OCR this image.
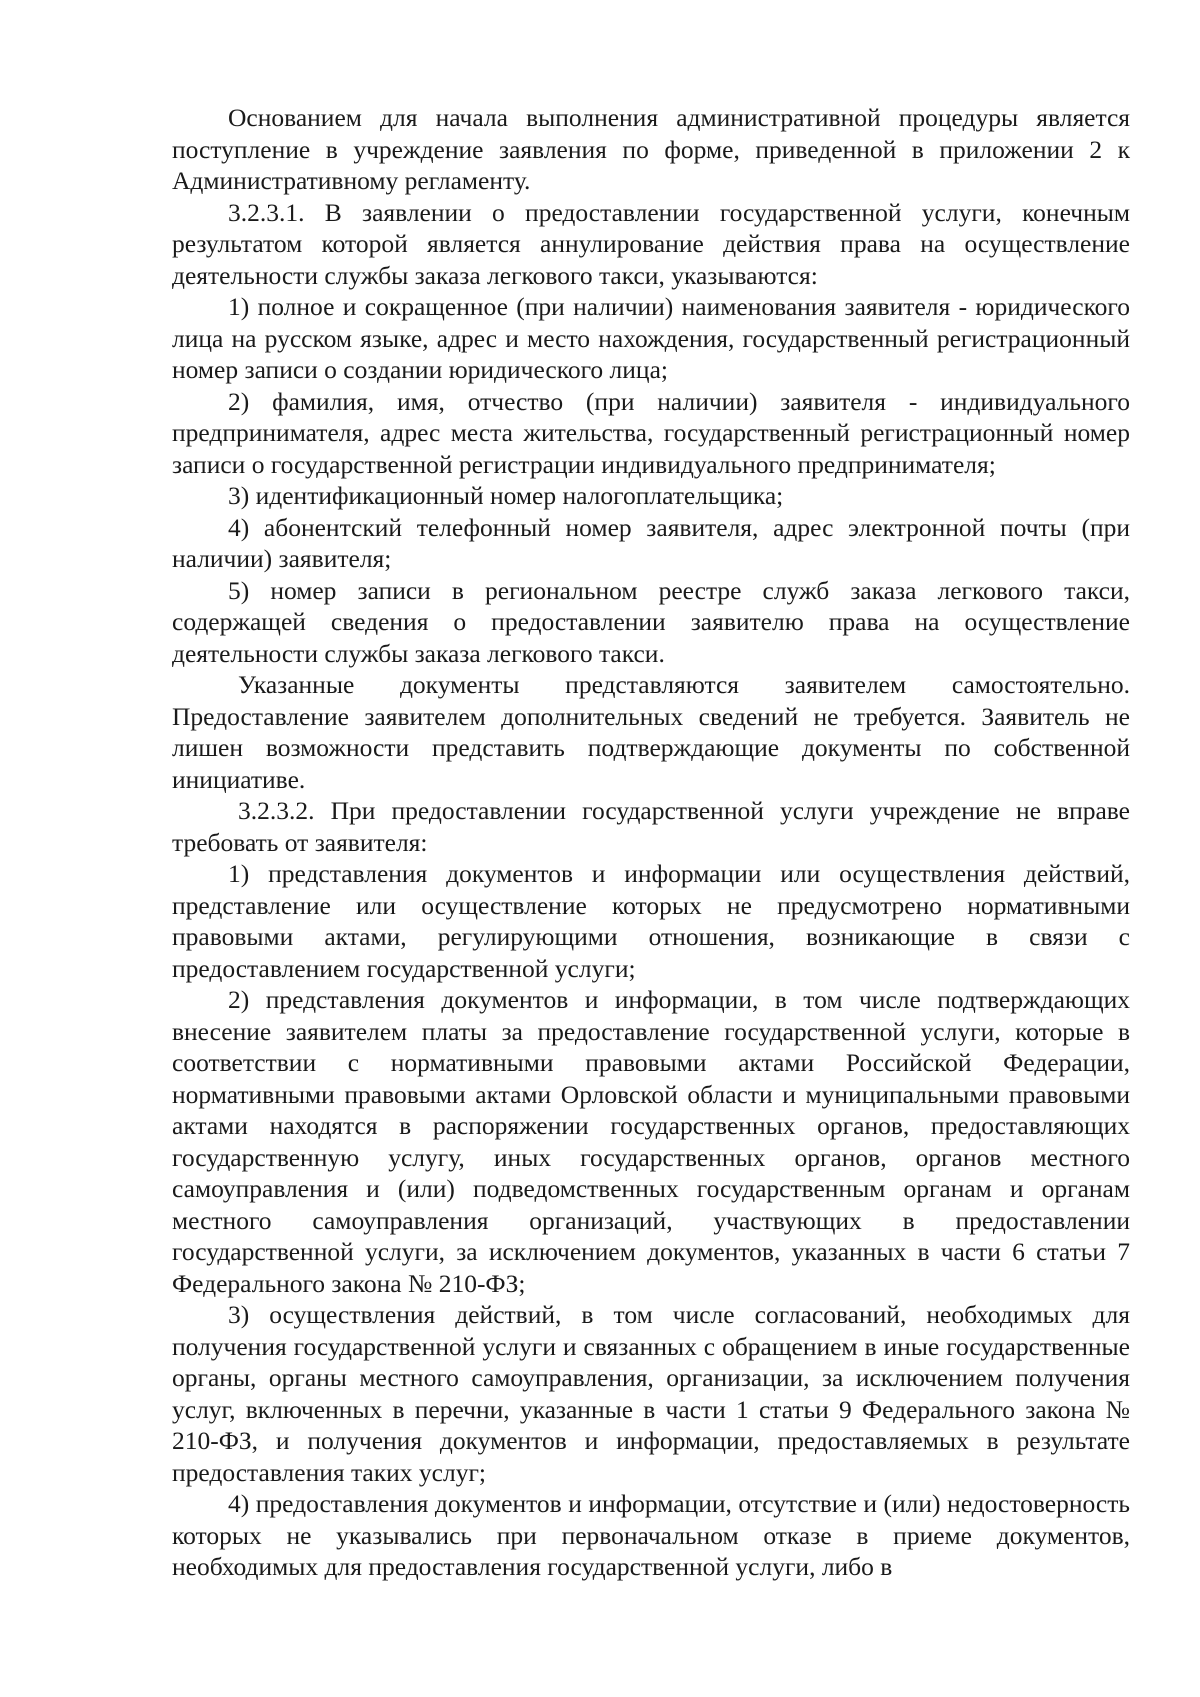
Основанием для начала выполнения административной процедуры является поступление в учреждение заявления по форме, приведенной в приложении 2 к Административному регламенту.

3.2.3.1. В заявлении о предоставлении государственной услуги, конечным результатом которой является аннулирование действия права на осуществление деятельности службы заказа легкового такси, указываются:

1) полное и сокращенное (при наличии) наименования заявителя - юридического лица на русском языке, адрес и место нахождения, государственный регистрационный номер записи о создании юридического лица;

2) фамилия, имя, отчество (при наличии) заявителя - индивидуального предпринимателя, адрес места жительства, государственный регистрационный номер записи о государственной регистрации индивидуального предпринимателя;

3) идентификационный номер налогоплательщика;

4) абонентский телефонный номер заявителя, адрес электронной почты (при наличии) заявителя;

5) номер записи в региональном реестре служб заказа легкового такси, содержащей сведения о предоставлении заявителю права на осуществление деятельности службы заказа легкового такси.

Указанные документы представляются заявителем самостоятельно. Предоставление заявителем дополнительных сведений не требуется. Заявитель не лишен возможности представить подтверждающие документы по собственной инициативе.

3.2.3.2. При предоставлении государственной услуги учреждение не вправе требовать от заявителя:

1) представления документов и информации или осуществления действий, представление или осуществление которых не предусмотрено нормативными правовыми актами, регулирующими отношения, возникающие в связи с предоставлением государственной услуги;

2) представления документов и информации, в том числе подтверждающих внесение заявителем платы за предоставление государственной услуги, которые в соответствии с нормативными правовыми актами Российской Федерации, нормативными правовыми актами Орловской области и муниципальными правовыми актами находятся в распоряжении государственных органов, предоставляющих государственную услугу, иных государственных органов, органов местного самоуправления и (или) подведомственных государственным органам и органам местного самоуправления организаций, участвующих в предоставлении государственной услуги, за исключением документов, указанных в части 6 статьи 7 Федерального закона № 210-ФЗ;

3) осуществления действий, в том числе согласований, необходимых для получения государственной услуги и связанных с обращением в иные государственные органы, органы местного самоуправления, организации, за исключением получения услуг, включенных в перечни, указанные в части 1 статьи 9 Федерального закона № 210-ФЗ, и получения документов и информации, предоставляемых в результате предоставления таких услуг;

4) предоставления документов и информации, отсутствие и (или) недостоверность которых не указывались при первоначальном отказе в приеме документов, необходимых для предоставления государственной услуги, либо в
